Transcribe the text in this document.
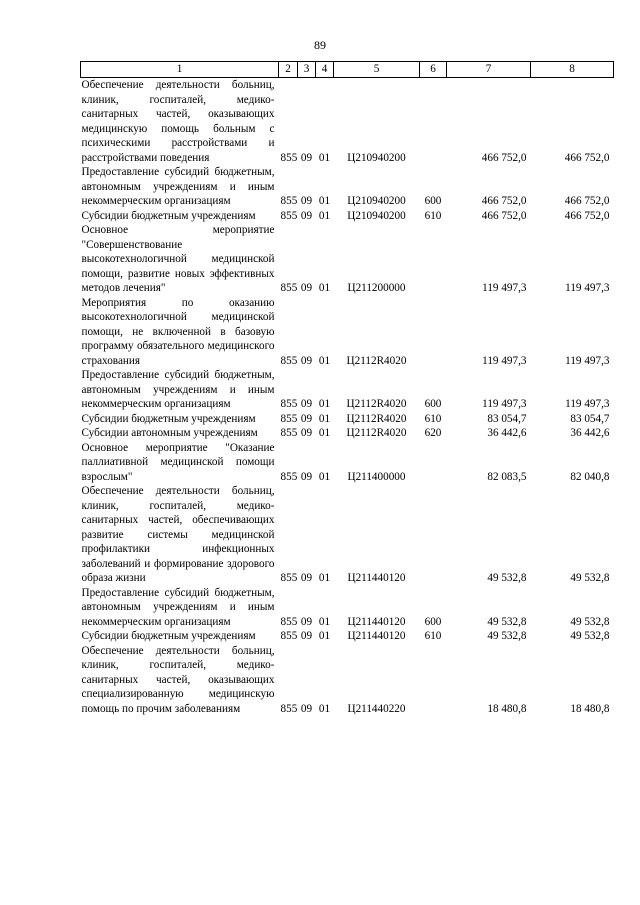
89
1	2	3	4	5	6	7	8
Обеспечение деятельности больниц, клиник, госпиталей, медико-санитарных частей, оказывающих медицинскую помощь больным с психическими расстройствами и расстройствами поведения	855	09	01	Ц210940200		466 752,0	466 752,0
Предоставление субсидий бюджетным, автономным учреждениям и иным некоммерческим организациям	855	09	01	Ц210940200	600	466 752,0	466 752,0
Субсидии бюджетным учреждениям	855	09	01	Ц210940200	610	466 752,0	466 752,0
Основное мероприятие "Совершенствование высокотехнологичной медицинской помощи, развитие новых эффективных методов лечения"	855	09	01	Ц211200000		119 497,3	119 497,3
Мероприятия по оказанию высокотехнологичной медицинской помощи, не включенной в базовую программу обязательного медицинского страхования	855	09	01	Ц2112R4020		119 497,3	119 497,3
Предоставление субсидий бюджетным, автономным учреждениям и иным некоммерческим организациям	855	09	01	Ц2112R4020	600	119 497,3	119 497,3
Субсидии бюджетным учреждениям	855	09	01	Ц2112R4020	610	83 054,7	83 054,7
Субсидии автономным учреждениям	855	09	01	Ц2112R4020	620	36 442,6	36 442,6
Основное мероприятие "Оказание паллиативной медицинской помощи взрослым"	855	09	01	Ц211400000		82 083,5	82 040,8
Обеспечение деятельности больниц, клиник, госпиталей, медико-санитарных частей, обеспечивающих развитие системы медицинской профилактики инфекционных заболеваний и формирование здорового образа жизни	855	09	01	Ц211440120		49 532,8	49 532,8
Предоставление субсидий бюджетным, автономным учреждениям и иным некоммерческим организациям	855	09	01	Ц211440120	600	49 532,8	49 532,8
Субсидии бюджетным учреждениям	855	09	01	Ц211440120	610	49 532,8	49 532,8
Обеспечение деятельности больниц, клиник, госпиталей, медико-санитарных частей, оказывающих специализированную медицинскую помощь по прочим заболеваниям	855	09	01	Ц211440220		18 480,8	18 480,8
